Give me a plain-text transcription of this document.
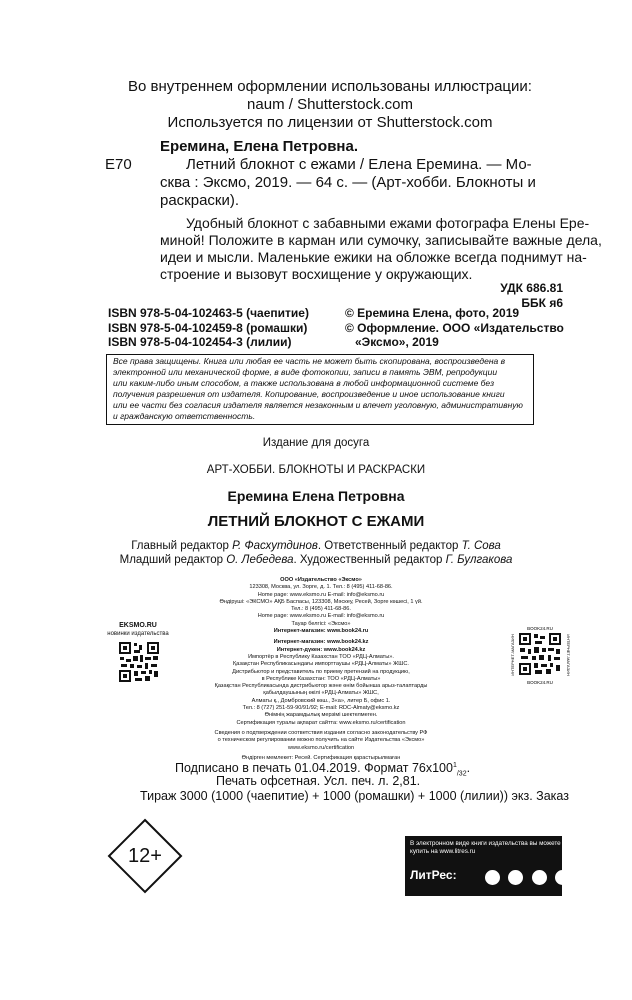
Во внутреннем оформлении использованы иллюстрации:
naum / Shutterstock.com
Используется по лицензии от Shutterstock.com
Е70
Еремина, Елена Петровна.
Летний блокнот с ежами / Елена Еремина. — Мо-
сква : Эксмо, 2019. — 64 с. — (Арт-хобби. Блокноты и
раскраски).
Удобный блокнот с забавными ежами фотографа Елены Ере-
миной! Положите в карман или сумочку, записывайте важные дела,
идеи и мысли. Маленькие ежики на обложке всегда поднимут на-
строение и вызовут восхищение у окружающих.
УДК 686.81
ББК я6
ISBN 978-5-04-102463-5 (чаепитие)
ISBN 978-5-04-102459-8 (ромашки)
ISBN 978-5-04-102454-3 (лилии)
© Еремина Елена, фото, 2019
© Оформление. ООО «Издательство
«Эксмо», 2019
Все права защищены. Книга или любая ее часть не может быть скопирована, воспроизведена в
электронной или механической форме, в виде фотокопии, записи в память ЭВМ, репродукции
или каким-либо иным способом, а также использована в любой информационной системе без
получения разрешения от издателя. Копирование, воспроизведение и иное использование книги
или ее части без согласия издателя является незаконным и влечет уголовную, административную
и гражданскую ответственность.
Издание для досуга
АРТ-ХОББИ. БЛОКНОТЫ И РАСКРАСКИ
Еремина Елена Петровна
ЛЕТНИЙ БЛОКНОТ С ЕЖАМИ
Главный редактор Р. Фасхутдинов. Ответственный редактор Т. Сова
Младший редактор О. Лебедева. Художественный редактор Г. Булгакова
ООО «Издательство «Эксмо»
123308, Москва, ул. Зорге, д. 1. Тел.: 8 (495) 411-68-86.
Home page: www.eksmo.ru E-mail: info@eksmo.ru
Өндіруші: «ЭКСМО» АҚБ Баспасы, 123308, Мәскеу, Ресей, Зорге көшесі, 1 үй.
Тел.: 8 (495) 411-68-86.
Home page: www.eksmo.ru E-mail: info@eksmo.ru
Тауар белгісі: «Эксмо»
Интернет-магазин: www.book24.ru
Интернет-магазин: www.book24.kz
Интернет-дүкен: www.book24.kz
Импортёр в Республику Казахстан ТОО «РДЦ-Алматы».
Қазақстан Республикасындағы импорттаушы «РДЦ-Алматы» ЖШС.
Дистрибьютор и представитель по приему претензий на продукцию,
в Республике Казахстан: ТОО «РДЦ-Алматы»
Қазақстан Республикасында дистрибьютор және өнім бойынша арыз-талаптарды
қабылдаушының өкілі «РДЦ-Алматы» ЖШС,
Алматы қ., Домбровский көш., 3«а», литер Б, офис 1.
Тел.: 8 (727) 251-59-90/91/92; E-mail: RDC-Almaty@eksmo.kz
Өнімнің жарамдылық мерзімі шектелмеген.
Сертификация туралы ақпарат сайтта: www.eksmo.ru/certification
Сведения о подтверждении соответствия издания согласно законодательству РФ
о техническом регулировании можно получить на сайте Издательства «Эксмо»
www.eksmo.ru/certification
Өндірген мемлекет: Ресей. Сертификация қарастырылмаған
EKSMO.RU
новинки издательства
BOOK24.RU
BOOK24.RU
ИНТЕРНЕТ-МАГАЗИН	ИНТЕРНЕТ-МАГАЗИН
Подписано в печать 01.04.2019. Формат $76х100^1_{/32}$.
Печать офсетная. Усл. печ. л. 2,81.
Тираж 3000 (1000 (чаепитие) + 1000 (ромашки) + 1000 (лилии)) экз. Заказ
12+
В электронном виде книги издательства вы можете
купить на www.litres.ru
ЛитРес:
